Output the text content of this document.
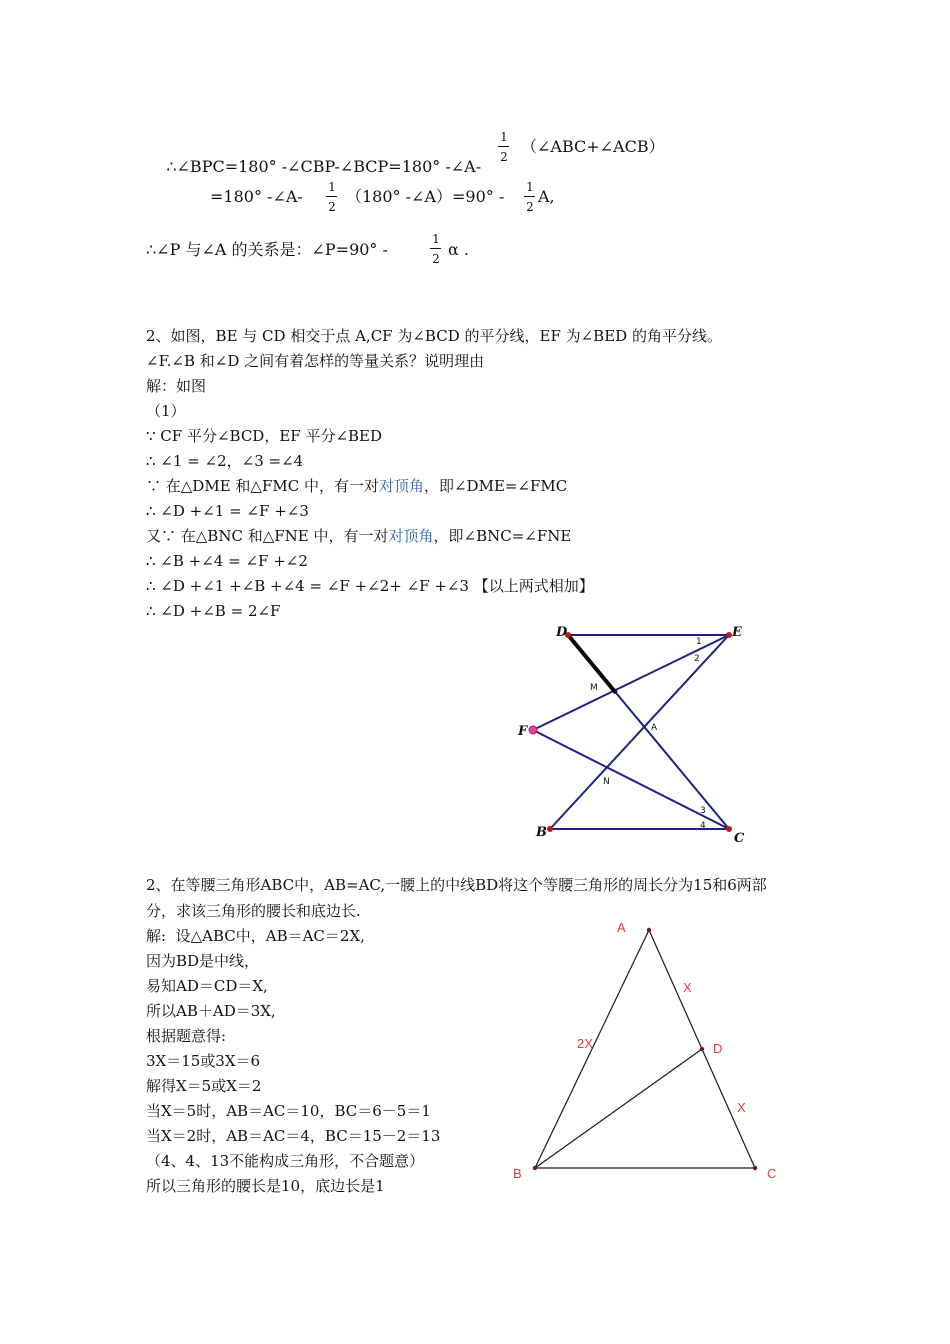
∴∠BPC=180° -∠CBP-∠BCP=180° -∠A-

1
2
（∠ABC+∠ACB）
=180° -∠A- 1
2
（180° -∠A）=90° - 1
2
A,
∴∠P 与∠A 的关系是：∠P=90° -
1
2 α .
2、如图，BE 与 CD 相交于点 A,CF 为∠BCD 的平分线，EF 为∠BED 的角平分线。
∠F.∠B 和∠D 之间有着怎样的等量关系？说明理由
解：如图
（1）
∵ CF 平分∠BCD，EF 平分∠BED
∴ ∠1 = ∠2，∠3 =∠4
∵ 在△DME 和△FMC 中，有一对对顶角，即∠DME=∠FMC
∴ ∠D +∠1 = ∠F +∠3
又∵ 在△BNC 和△FNE 中，有一对对顶角，即∠BNC=∠FNE
∴ ∠B +∠4 = ∠F +∠2
∴ ∠D +∠1 +∠B +∠4 = ∠F +∠2+ ∠F +∠3 【以上两式相加】
∴ ∠D +∠B = 2∠F
D	E
F
B	C
M
N
A
1
2
3
4
2、在等腰三角形ABC中，AB=AC,一腰上的中线BD将这个等腰三角形的周长分为15和6两部
分，求该三角形的腰长和底边长.
解:  设△ABC中，AB＝AC＝2X,
因为BD是中线，
易知AD＝CD＝X,
所以AB＋AD＝3X,
根据题意得:
3X＝15或3X＝6
解得X＝5或X＝2
当X＝5时，AB＝AC＝10，BC＝6－5＝1
当X＝2时，AB＝AC＝4，BC＝15－2＝13
（4、4、13不能构成三角形，不合题意）
所以三角形的腰长是10，底边长是1
A
B	C
D
X
X
2X
